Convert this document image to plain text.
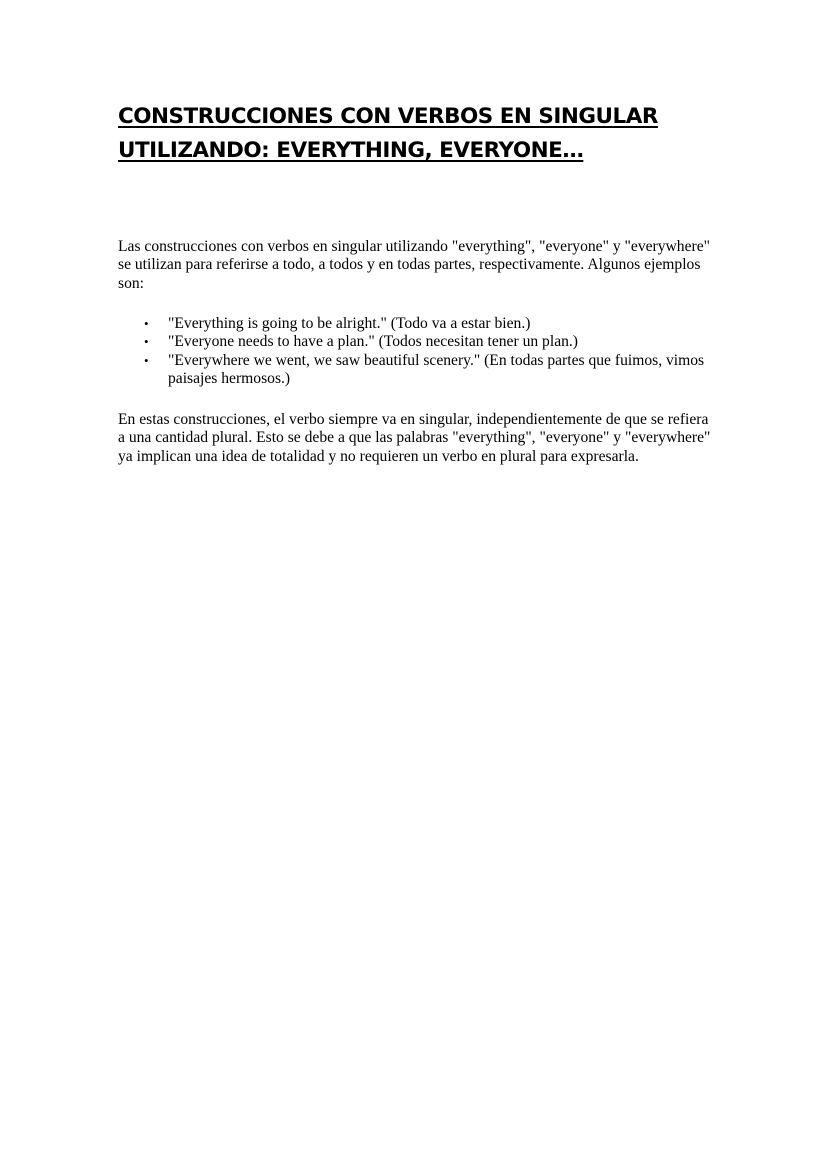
CONSTRUCCIONES CON VERBOS EN SINGULAR
UTILIZANDO: EVERYTHING, EVERYONE…

Las construcciones con verbos en singular utilizando "everything", "everyone" y "everywhere" se utilizan para referirse a todo, a todos y en todas partes, respectivamente. Algunos ejemplos son:

• "Everything is going to be alright." (Todo va a estar bien.)
• "Everyone needs to have a plan." (Todos necesitan tener un plan.)
• "Everywhere we went, we saw beautiful scenery." (En todas partes que fuimos, vimos paisajes hermosos.)

En estas construcciones, el verbo siempre va en singular, independientemente de que se refiera a una cantidad plural. Esto se debe a que las palabras "everything", "everyone" y "everywhere" ya implican una idea de totalidad y no requieren un verbo en plural para expresarla.
